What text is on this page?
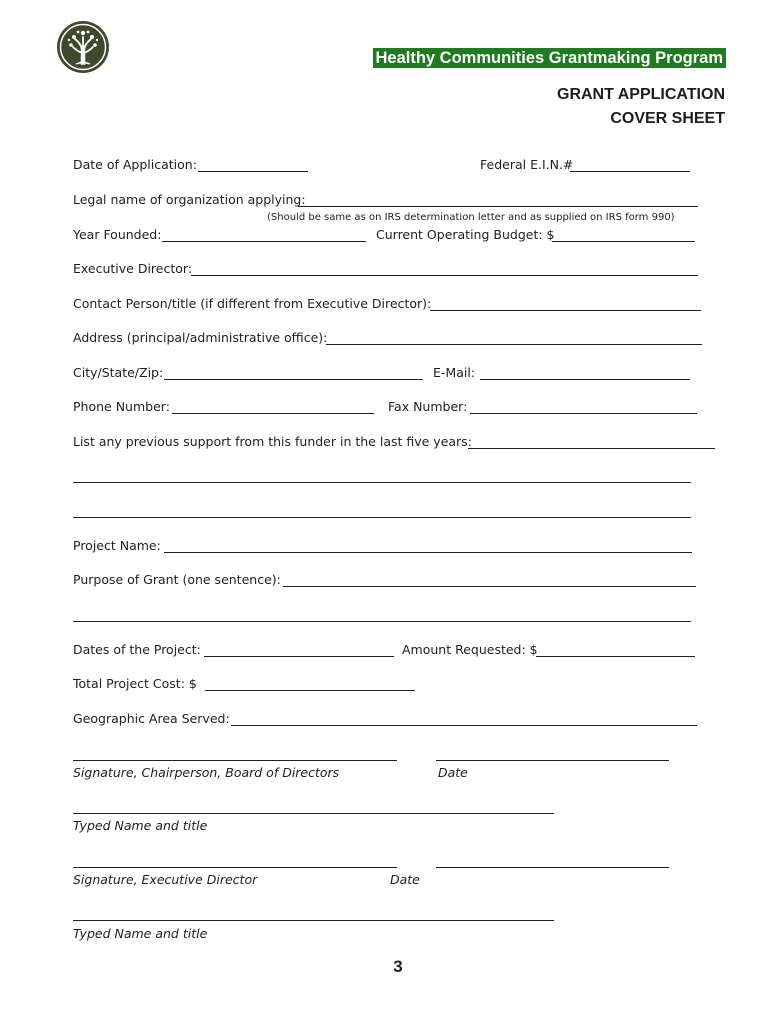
Healthy Communities Grantmaking Program
GRANT APPLICATION
COVER SHEET
Date of Application:	Federal E.I.N.#
Legal name of organization applying:
(Should be same as on IRS determination letter and as supplied on IRS form 990)
Year Founded:	Current Operating Budget: $
Executive Director:
Contact Person/title (if different from Executive Director):
Address (principal/administrative office):
City/State/Zip:	E-Mail:
Phone Number:	Fax Number:
List any previous support from this funder in the last five years:
Project Name:
Purpose of Grant (one sentence):
Dates of the Project:	Amount Requested: $
Total Project Cost: $
Geographic Area Served:
Signature, Chairperson, Board of Directors	Date
Typed Name and title
Signature, Executive Director	Date
Typed Name and title
3
